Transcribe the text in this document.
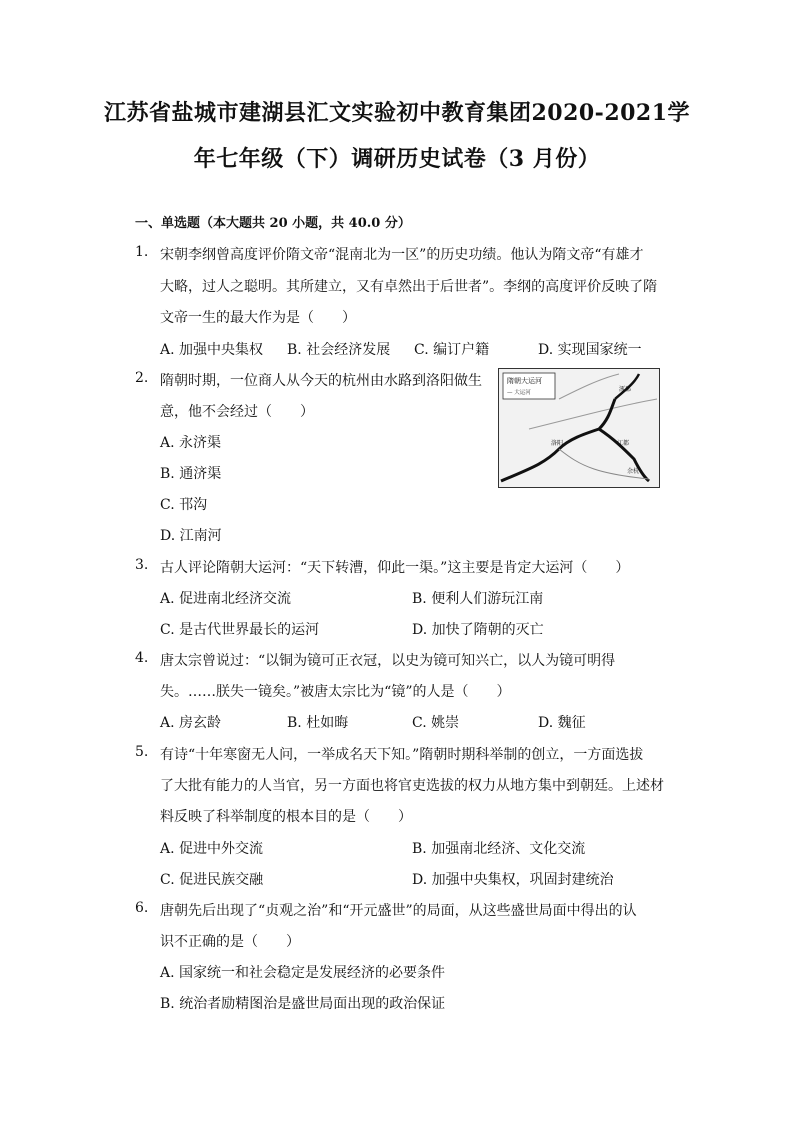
江苏省盐城市建湖县汇文实验初中教育集团2020-2021学
年七年级（下）调研历史试卷（3 月份）
一、单选题（本大题共 20 小题，共 40.0 分）
1. 宋朝李纲曾高度评价隋文帝“混南北为一区”的历史功绩。他认为隋文帝“有雄才
大略，过人之聪明。其所建立，又有卓然出于后世者”。李纲的高度评价反映了隋
文帝一生的最大作为是（　　）
A. 加强中央集权 B. 社会经济发展 C. 编订户籍	D. 实现国家统一
2. 隋朝时期，一位商人从今天的杭州由水路到洛阳做生
意，他不会经过（　　）
A. 永济渠
B. 通济渠
C. 邗沟
D. 江南河
隋朝大运河
— 大运河	涿郡
洛阳	江都
余杭
3. 古人评论隋朝大运河：“天下转漕，仰此一渠。”这主要是肯定大运河（　　）
A. 促进南北经济交流	B. 便利人们游玩江南
C. 是古代世界最长的运河	D. 加快了隋朝的灭亡
4. 唐太宗曾说过：“以铜为镜可正衣冠，以史为镜可知兴亡，以人为镜可明得
失。……朕失一镜矣。”被唐太宗比为“镜”的人是（　　）
A. 房玄龄	B. 杜如晦	C. 姚崇	D. 魏征
5. 有诗“十年寒窗无人问，一举成名天下知。”隋朝时期科举制的创立，一方面选拔
了大批有能力的人当官，另一方面也将官吏选拔的权力从地方集中到朝廷。上述材
料反映了科举制度的根本目的是（　　）
A. 促进中外交流	B. 加强南北经济、文化交流
C. 促进民族交融	D. 加强中央集权，巩固封建统治
6. 唐朝先后出现了“贞观之治”和“开元盛世”的局面，从这些盛世局面中得出的认
识不正确的是（　　）
A. 国家统一和社会稳定是发展经济的必要条件
B. 统治者励精图治是盛世局面出现的政治保证
